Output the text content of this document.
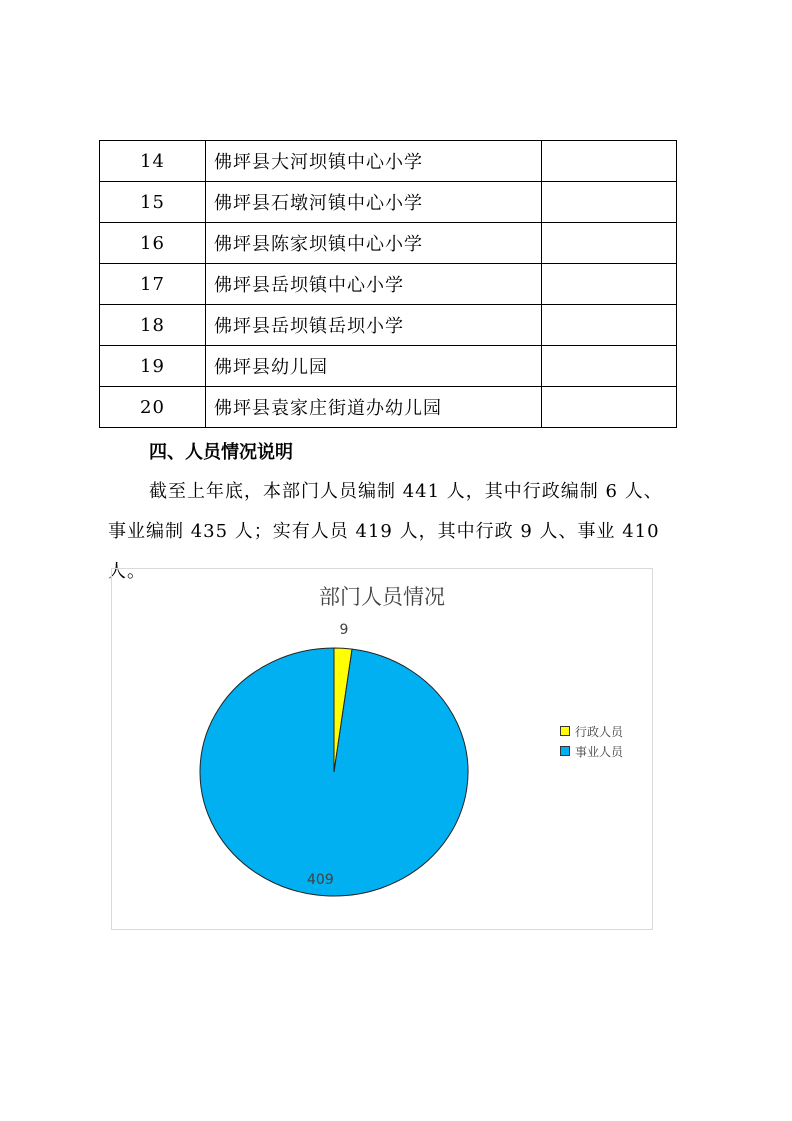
14	佛坪县大河坝镇中心小学	
15	佛坪县石墩河镇中心小学	
16	佛坪县陈家坝镇中心小学	
17	佛坪县岳坝镇中心小学	
18	佛坪县岳坝镇岳坝小学	
19	佛坪县幼儿园	
20	佛坪县袁家庄街道办幼儿园	
四、人员情况说明
截至上年底，本部门人员编制 441 人，其中行政编制 6 人、
事业编制 435 人；实有人员 419 人，其中行政 9 人、事业 410 人。
9
409
部门人员情况
行政人员
事业人员
